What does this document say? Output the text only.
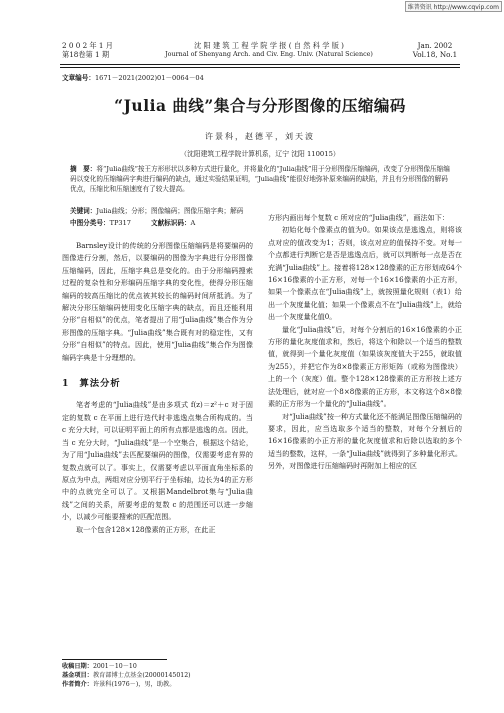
维普资讯 http://www.cqvip.com
2 0 0 2 年 1 月
第18卷第 1 期
沈 阳 建 筑 工 程 学 院 学 报 ( 自 然 科 学 版 )
Journal of Shenyang Arch. and Civ. Eng. Univ. (Natural Science)
Jan. 2002
Vol.18, No.1
文章编号：1671－2021(2002)01－0064－04
“Julia 曲线”集合与分形图像的压缩编码
许景科，赵德平，刘天波
（沈阳建筑工程学院计算机系，辽宁 沈阳 110015）
摘　要：将“Julia曲线”按王方形形状以多种方式进行量化，并将量化的“Julia曲线”用于分形图像压缩编码，改变了分形图像压缩编码以变化的压缩编码字典进行编码的缺点，通过实验结果证明，“Julia曲线”能很好地弥补原来编码的缺陷，并且有分形图像的解码优点，压缩比和压缩速度有了较大提高。
关键词：Julia曲线；分形；图像编码；图像压缩字典；解码
中图分类号：TP317	文献标识码：A

Barnsley设计的传统的分形图像压缩编码是将要编码的图像进行分割，然后，以要编码的图像为字典进行分形图像压缩编码，因此，压缩字典总是变化的。由于分形编码搜索过程的复杂性和分形编码压缩字典的变化性，使得分形压缩编码的较高压缩比的优点被其较长的编码时间所抵消。为了解决分形压缩编码使用变化压缩字典的缺点，而且还能利用分形“自相似”的优点，笔者提出了用“Julia曲线”集合作为分形图像的压缩字典。“Julia曲线”集合既有对的稳定性，又有分形“自相似”的特点。因此，使用“Julia曲线”集合作为图像编码字典是十分理想的。

1 算法分析

笔者考虑的“Julia曲线”是由多项式 f(z)＝z²＋c 对于固定的复数 c 在平面上进行迭代时非逃逸点集合所构成的。当 c 充分大时，可以证明平面上的所有点都是逃逸的点。因此，当 c 充分大时，“Julia曲线”是一个空集合，根据这个结论，为了用“Julia曲线”去匹配要编码的图像，仅需要考虑有界的复数点就可以了。事实上，仅需要考虑以平面直角坐标系的原点为中点，两组对应分别平行于坐标轴，边长为4的正方形中的点就完全可以了。又根据Mandelbrot集与“Julia曲线”之间的关系，所要考虑的复数 c 的范围还可以进一步缩小，以减少可能要搜索的匹配范围。

取一个包含128×128像素的正方形，在此正

方形内画出每个复数 c 所对应的“Julia曲线”，画法如下：

初始化每个像素点的值为0。如果该点是逃逸点，则将该点对应的值改变为1；否则，该点对应的值保持不变。对每一个点都进行判断它是否是逃逸点后，就可以判断每一点是否在充满“Julia曲线”上。接着将128×128像素的正方形划成64个16×16像素的小正方形，对每一个16×16像素的小正方形，如果一个像素点在“Julia曲线”上，就按照量化规则（表1）给出一个灰度量化值；如果一个像素点不在“Julia曲线”上，就给出一个灰度量化值0。

量化“Julia曲线”后，对每个分割后的16×16像素的小正方形的量化灰度值求和，然后，将这个和除以一个适当的整数值，就得到一个量化灰度值（如果该灰度值大于255，就取值为255），并把它作为8×8像素正方形矩阵（或称为图像块）上的一个（灰度）值。整个128×128像素的正方形按上述方法处理后，就对应一个8×8像素的正方形，本文称这个8×8像素的正方形为一个量化的“Julia曲线”。

对“Julia曲线”按一种方式量化还不能满足图像压缩编码的要求，因此，应当选取多个适当的整数，对每个分割后的16×16像素的小正方形的量化灰度值求和后除以选取的多个适当的整数，这样，一条“Julia曲线”就得到了多种量化形式。另外，对图像进行压缩编码时再附加上相应的区

收稿日期：2001－10－10
基金项目：教育部博士点基金(20000145012)
作者简介：许景科(1976－)，男，助教。
